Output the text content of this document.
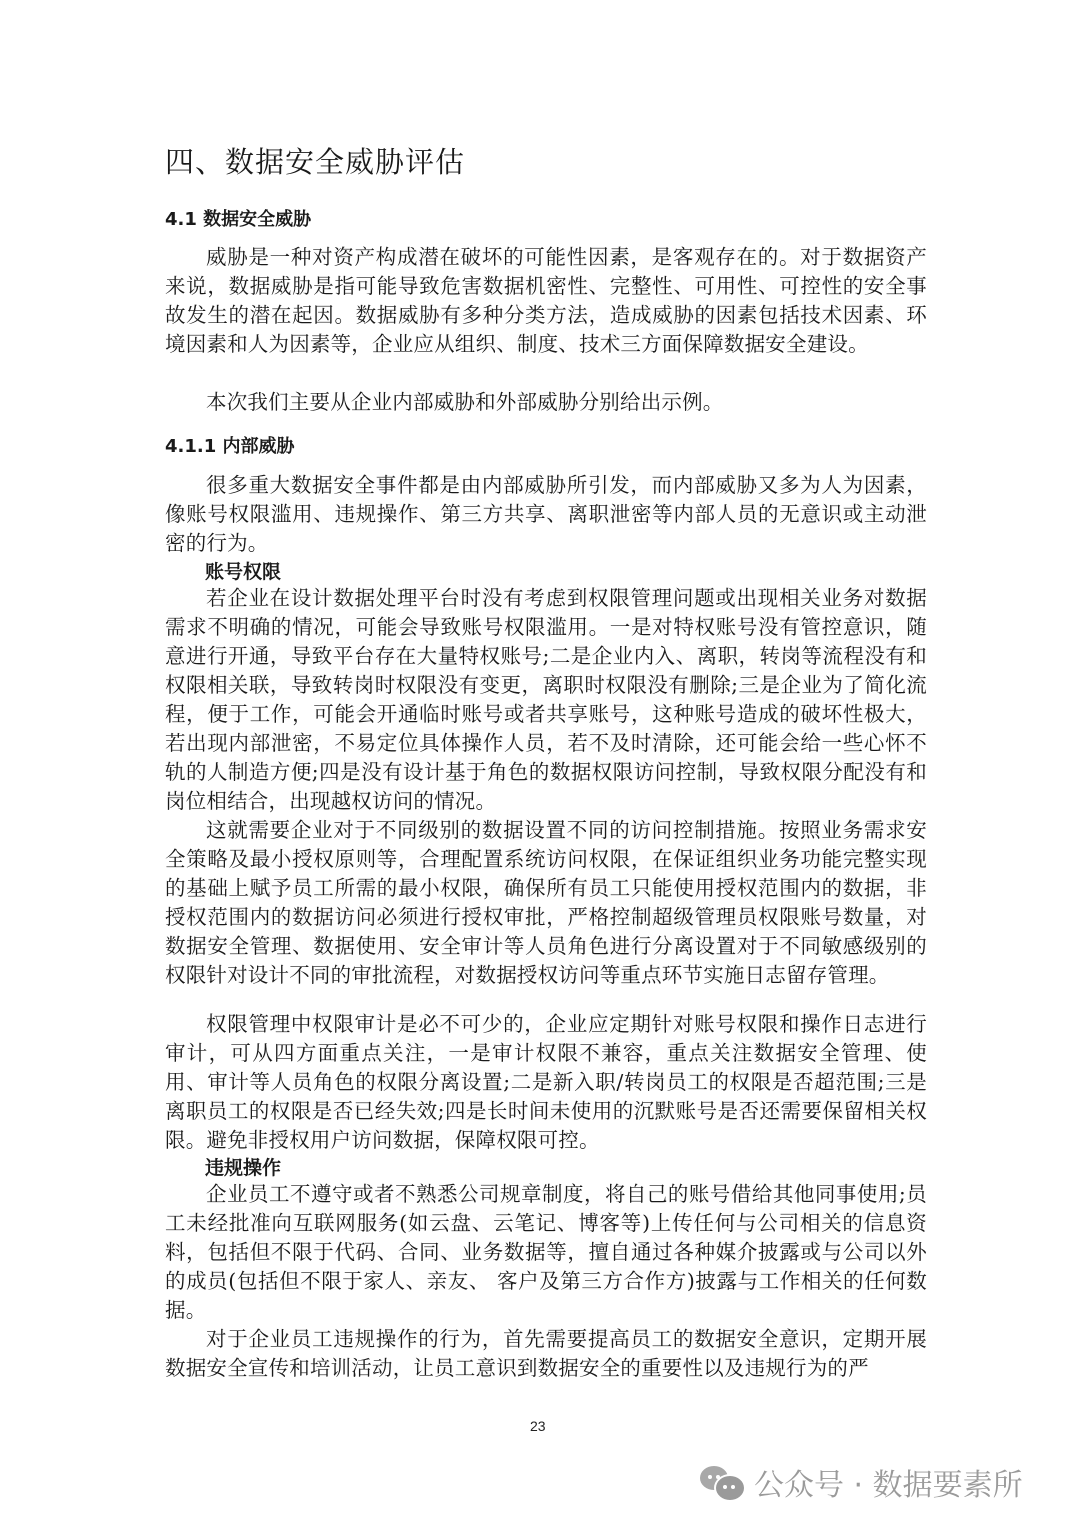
四、数据安全威胁评估
4.1 数据安全威胁
威胁是一种对资产构成潜在破坏的可能性因素，是客观存在的。对于数据资产来说，数据威胁是指可能导致危害数据机密性、完整性、可用性、可控性的安全事故发生的潜在起因。数据威胁有多种分类方法，造成威胁的因素包括技术因素、环境因素和人为因素等，企业应从组织、制度、技术三方面保障数据安全建设。
本次我们主要从企业内部威胁和外部威胁分别给出示例。
4.1.1 内部威胁
很多重大数据安全事件都是由内部威胁所引发，而内部威胁又多为人为因素，像账号权限滥用、违规操作、第三方共享、离职泄密等内部人员的无意识或主动泄密的行为。
账号权限
若企业在设计数据处理平台时没有考虑到权限管理问题或出现相关业务对数据需求不明确的情况，可能会导致账号权限滥用。一是对特权账号没有管控意识，随意进行开通，导致平台存在大量特权账号;二是企业内入、离职，转岗等流程没有和权限相关联，导致转岗时权限没有变更，离职时权限没有删除;三是企业为了简化流程，便于工作，可能会开通临时账号或者共享账号，这种账号造成的破坏性极大，若出现内部泄密，不易定位具体操作人员，若不及时清除，还可能会给一些心怀不轨的人制造方便;四是没有设计基于角色的数据权限访问控制，导致权限分配没有和岗位相结合，出现越权访问的情况。
这就需要企业对于不同级别的数据设置不同的访问控制措施。按照业务需求安全策略及最小授权原则等，合理配置系统访问权限，在保证组织业务功能完整实现的基础上赋予员工所需的最小权限，确保所有员工只能使用授权范围内的数据，非授权范围内的数据访问必须进行授权审批，严格控制超级管理员权限账号数量，对数据安全管理、数据使用、安全审计等人员角色进行分离设置对于不同敏感级别的权限针对设计不同的审批流程，对数据授权访问等重点环节实施日志留存管理。
权限管理中权限审计是必不可少的，企业应定期针对账号权限和操作日志进行审计，可从四方面重点关注，一是审计权限不兼容，重点关注数据安全管理、使用、审计等人员角色的权限分离设置;二是新入职/转岗员工的权限是否超范围;三是离职员工的权限是否已经失效;四是长时间未使用的沉默账号是否还需要保留相关权限。避免非授权用户访问数据，保障权限可控。
违规操作
企业员工不遵守或者不熟悉公司规章制度，将自己的账号借给其他同事使用;员工未经批准向互联网服务(如云盘、云笔记、博客等)上传任何与公司相关的信息资料，包括但不限于代码、合同、业务数据等，擅自通过各种媒介披露或与公司以外的成员(包括但不限于家人、亲友、 客户及第三方合作方)披露与工作相关的任何数据。
对于企业员工违规操作的行为，首先需要提高员工的数据安全意识，定期开展数据安全宣传和培训活动，让员工意识到数据安全的重要性以及违规行为的严
23
公众号 · 数据要素所
